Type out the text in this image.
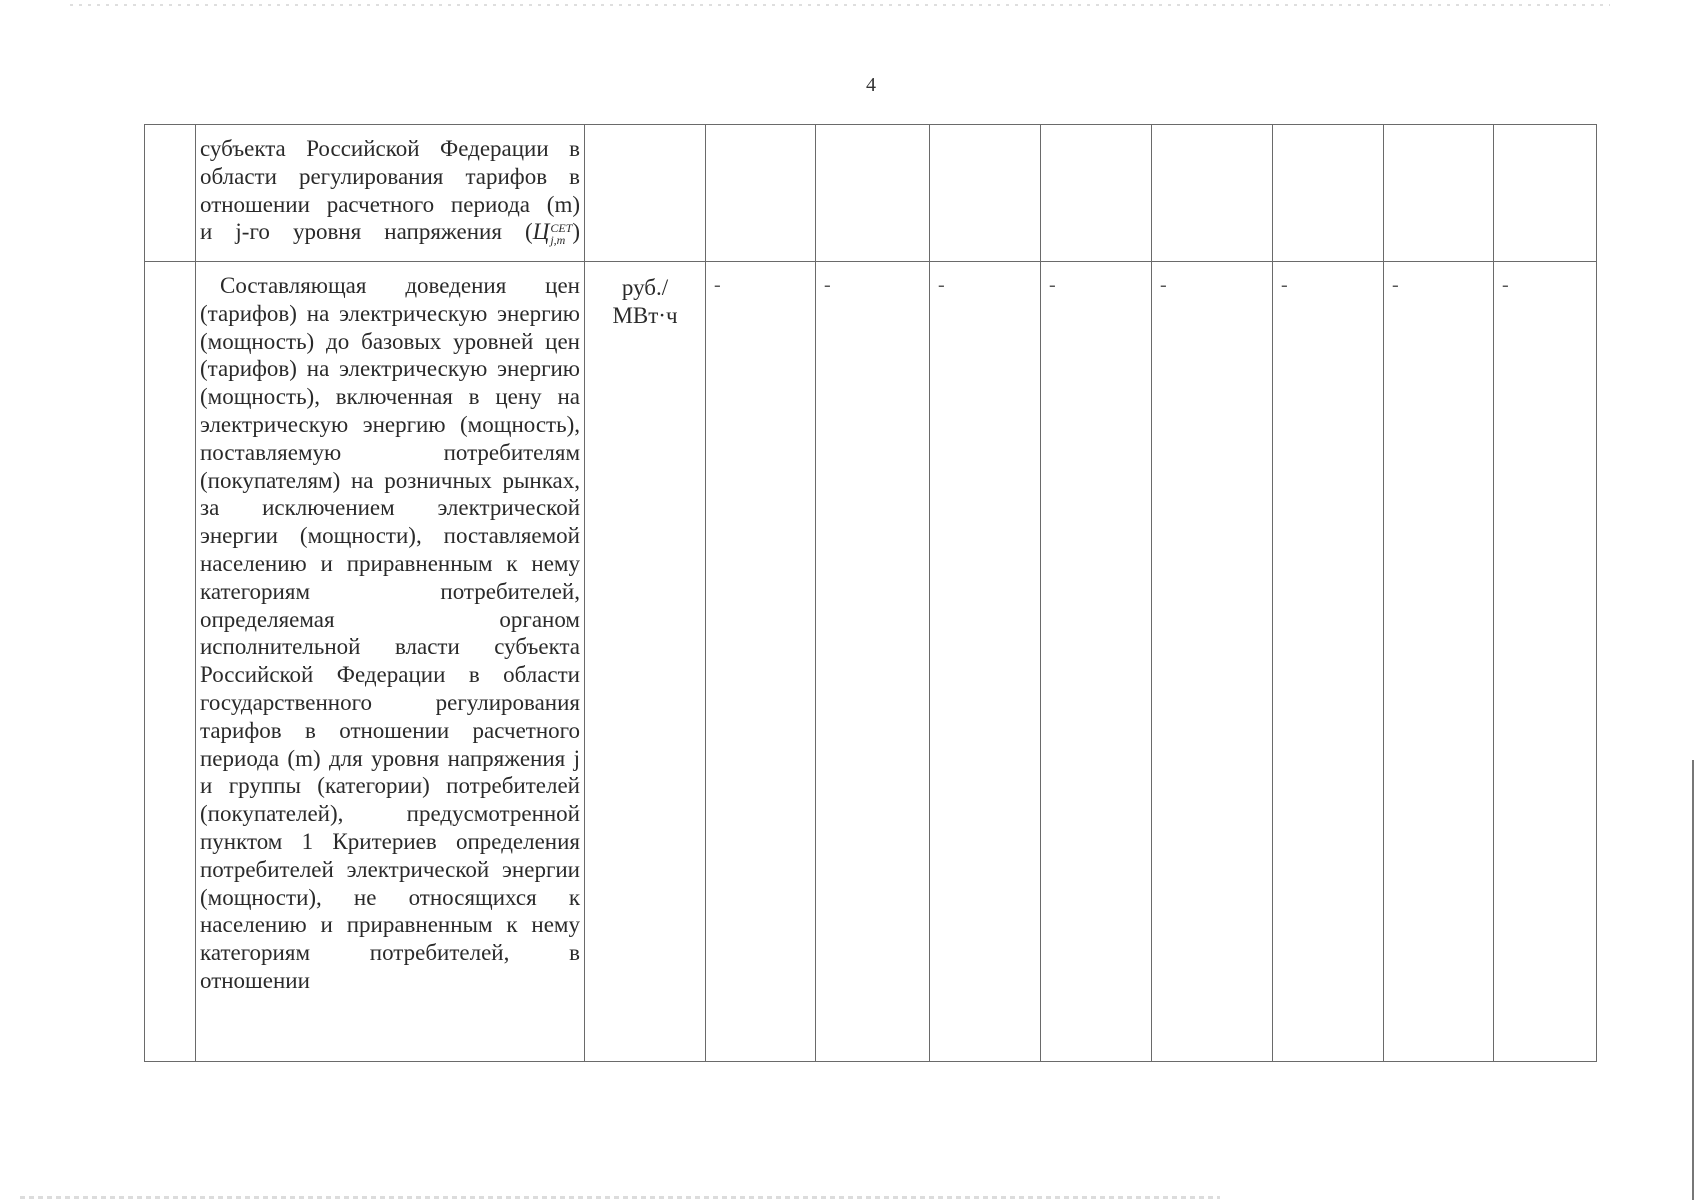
4

	субъекта Российской Федерации в области регулирования тарифов в отношении расчетного периода (m)
и j-го уровня напряжения (Ц СЕТ
j,m )									

	Составляющая доведения цен (тарифов) на электрическую энергию (мощность) до базовых уровней цен (тарифов) на электрическую энергию (мощность), включенная в цену на электрическую энергию (мощность), поставляемую потребителям (покупателям) на розничных рынках, за исключением электрической энергии (мощности), поставляемой населению и приравненным к нему категориям потребителей, определяемая органом исполнительной власти субъекта Российской Федерации в области государственного регулирования тарифов в отношении расчетного периода (m) для уровня напряжения j и группы (категории) потребителей (покупателей), предусмотренной пунктом 1 Критериев определения потребителей электрической энергии (мощности), не относящихся к населению и приравненным к нему категориям потребителей, в отношении	руб./
МВт·ч	-	-	-	-	-	-	-	-
